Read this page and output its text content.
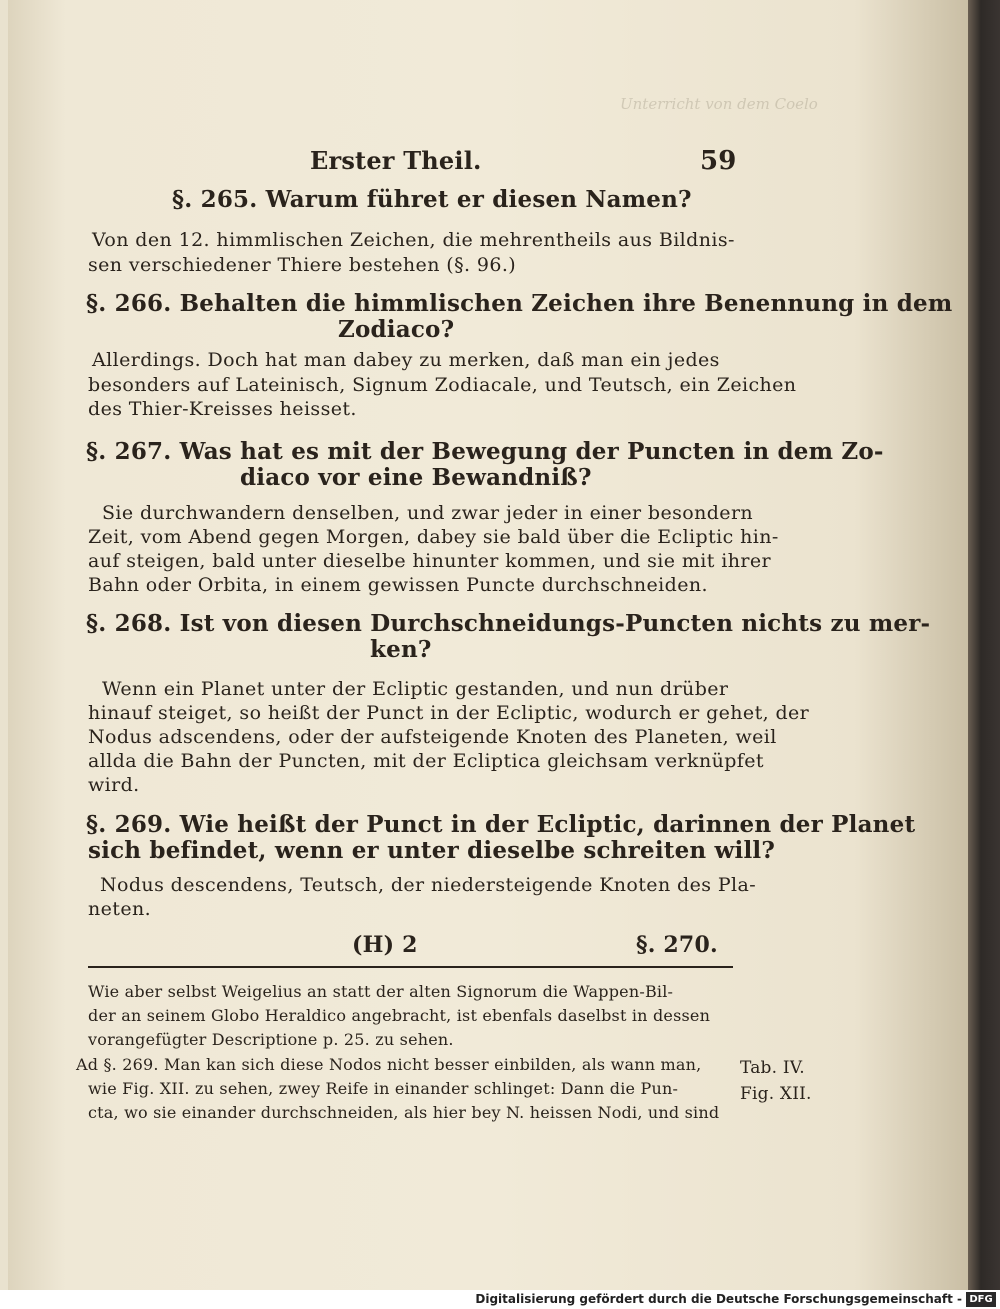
Unterricht von dem Coelo
Erster Theil.	59
§. 265. Warum führet er diesen Namen?
Von den 12. himmlischen Zeichen, die mehrentheils aus Bildnis-
sen verschiedener Thiere bestehen (§. 96.)
§. 266. Behalten die himmlischen Zeichen ihre Benennung in dem
Zodiaco?
Allerdings. Doch hat man dabey zu merken, daß man ein jedes
besonders auf Lateinisch, Signum Zodiacale, und Teutsch, ein Zeichen
des Thier-Kreisses heisset.
§. 267. Was hat es mit der Bewegung der Puncten in dem Zo-
diaco vor eine Bewandniß?
Sie durchwandern denselben, und zwar jeder in einer besondern
Zeit, vom Abend gegen Morgen, dabey sie bald über die Ecliptic hin-
auf steigen, bald unter dieselbe hinunter kommen, und sie mit ihrer
Bahn oder Orbita, in einem gewissen Puncte durchschneiden.
§. 268. Ist von diesen Durchschneidungs-Puncten nichts zu mer-
ken?
Wenn ein Planet unter der Ecliptic gestanden, und nun drüber
hinauf steiget, so heißt der Punct in der Ecliptic, wodurch er gehet, der
Nodus adscendens, oder der aufsteigende Knoten des Planeten, weil
allda die Bahn der Puncten, mit der Ecliptica gleichsam verknüpfet
wird.
§. 269. Wie heißt der Punct in der Ecliptic, darinnen der Planet
sich befindet, wenn er unter dieselbe schreiten will?
Nodus descendens, Teutsch, der niedersteigende Knoten des Pla-
neten.
(H) 2	§. 270.
Wie aber selbst Weigelius an statt der alten Signorum die Wappen-Bil-
der an seinem Globo Heraldico angebracht, ist ebenfals daselbst in dessen
vorangefügter Descriptione p. 25. zu sehen.
Ad §. 269. Man kan sich diese Nodos nicht besser einbilden, als wann man,
wie Fig. XII. zu sehen, zwey Reife in einander schlinget: Dann die Pun-
cta, wo sie einander durchschneiden, als hier bey N. heissen Nodi, und sind
Tab. IV.
Fig. XII.
Digitalisierung gefördert durch die Deutsche Forschungsgemeinschaft - DFG
